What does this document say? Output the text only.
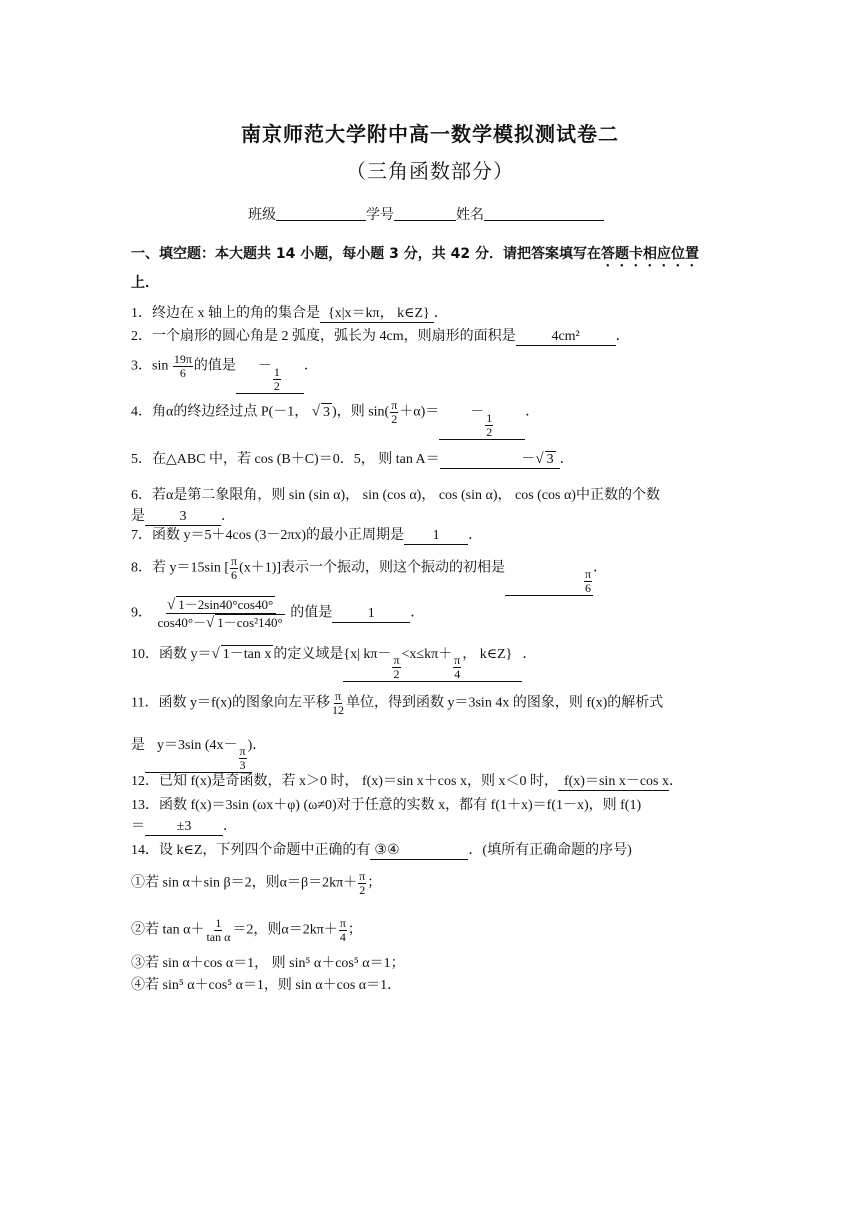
南京师范大学附中高一数学模拟测试卷二
（三角函数部分）
班级	学号	姓名
一、填空题：本大题共 14 小题，每小题 3 分，共 42 分．请把答案填写在答题卡相应位置
上．
1．终边在 x 轴上的角的集合是 {x|x＝kπ， k∈Z} ．
2．一个扇形的圆心角是 2 弧度，弧长为 4cm，则扇形的面积是	4cm²	．
3．$\sin \frac{19\pi}{6}$ 的值是 － $\frac{1}{2}$ ．
4．角α的终边经过点 P(－1， √ 3 )，则 $\sin( \frac{\pi}{2} +\alpha)= - \frac{1}{2}$ ．
5．在△ABC 中，若 cos (B＋C)＝0．5， 则 tan A＝	－√ 3 ．
6．若α是第二象限角，则 sin (sin α)， sin (cos α)， cos (sin α)， cos (cos α)中正数的个数
是 3 ．
7．函数 y＝5＋4cos (3－2πx)的最小正周期是 1 ．
8．若 y＝15sin [ $\frac{\pi}{6} (x+1)$]表示一个振动，则这个振动的初相是	$\frac{\pi}{6}$ ．
9． $\frac{√ 1-2\sin 40^\circ\cos 40^\circ}{\text{cos40°－√ 1－cos²140°}}$ 的值是	1	．
10．函数 y＝√ 1－tan x 的定义域是{x| $k\pi- \frac{\pi}{2} <x\le k\pi+ \frac{\pi}{4}$ ， k∈Z} ．
11．函数 y＝f(x)的图象向左平移 $\frac{\pi}{12}$ 单位，得到函数 y＝3sin 4x 的图象，则 f(x)的解析式
是 y＝3sin ($4x- \frac{\pi}{3}$ )．
12．已知 f(x)是奇函数，若 x＞0 时， f(x)＝sin x＋cos x，则 x＜0 时， f(x)＝sin x－cos x．
13．函数 f(x)＝3sin (ωx＋φ) (ω≠0)对于任意的实数 x，都有 f(1＋x)＝f(1－x)，则 f(1)
＝ ±3 ．
14．设 k∈Z，下列四个命题中正确的有 ③④	．(填所有正确命题的序号)
①若 sin α＋sin β＝2，则$\alpha=\beta=2k\pi+ \frac{\pi}{2}$ ；
②若 $\tan \alpha+ \frac{1}{\text{tan α}} =2$，则$\alpha=2k\pi+ \frac{\pi}{4}$ ；
③若 sin α＋cos α＝1， 则 sin⁵ α＋cos⁵ α＝1；
④若 sin⁵ α＋cos⁵ α＝1，则 sin α＋cos α＝1．
